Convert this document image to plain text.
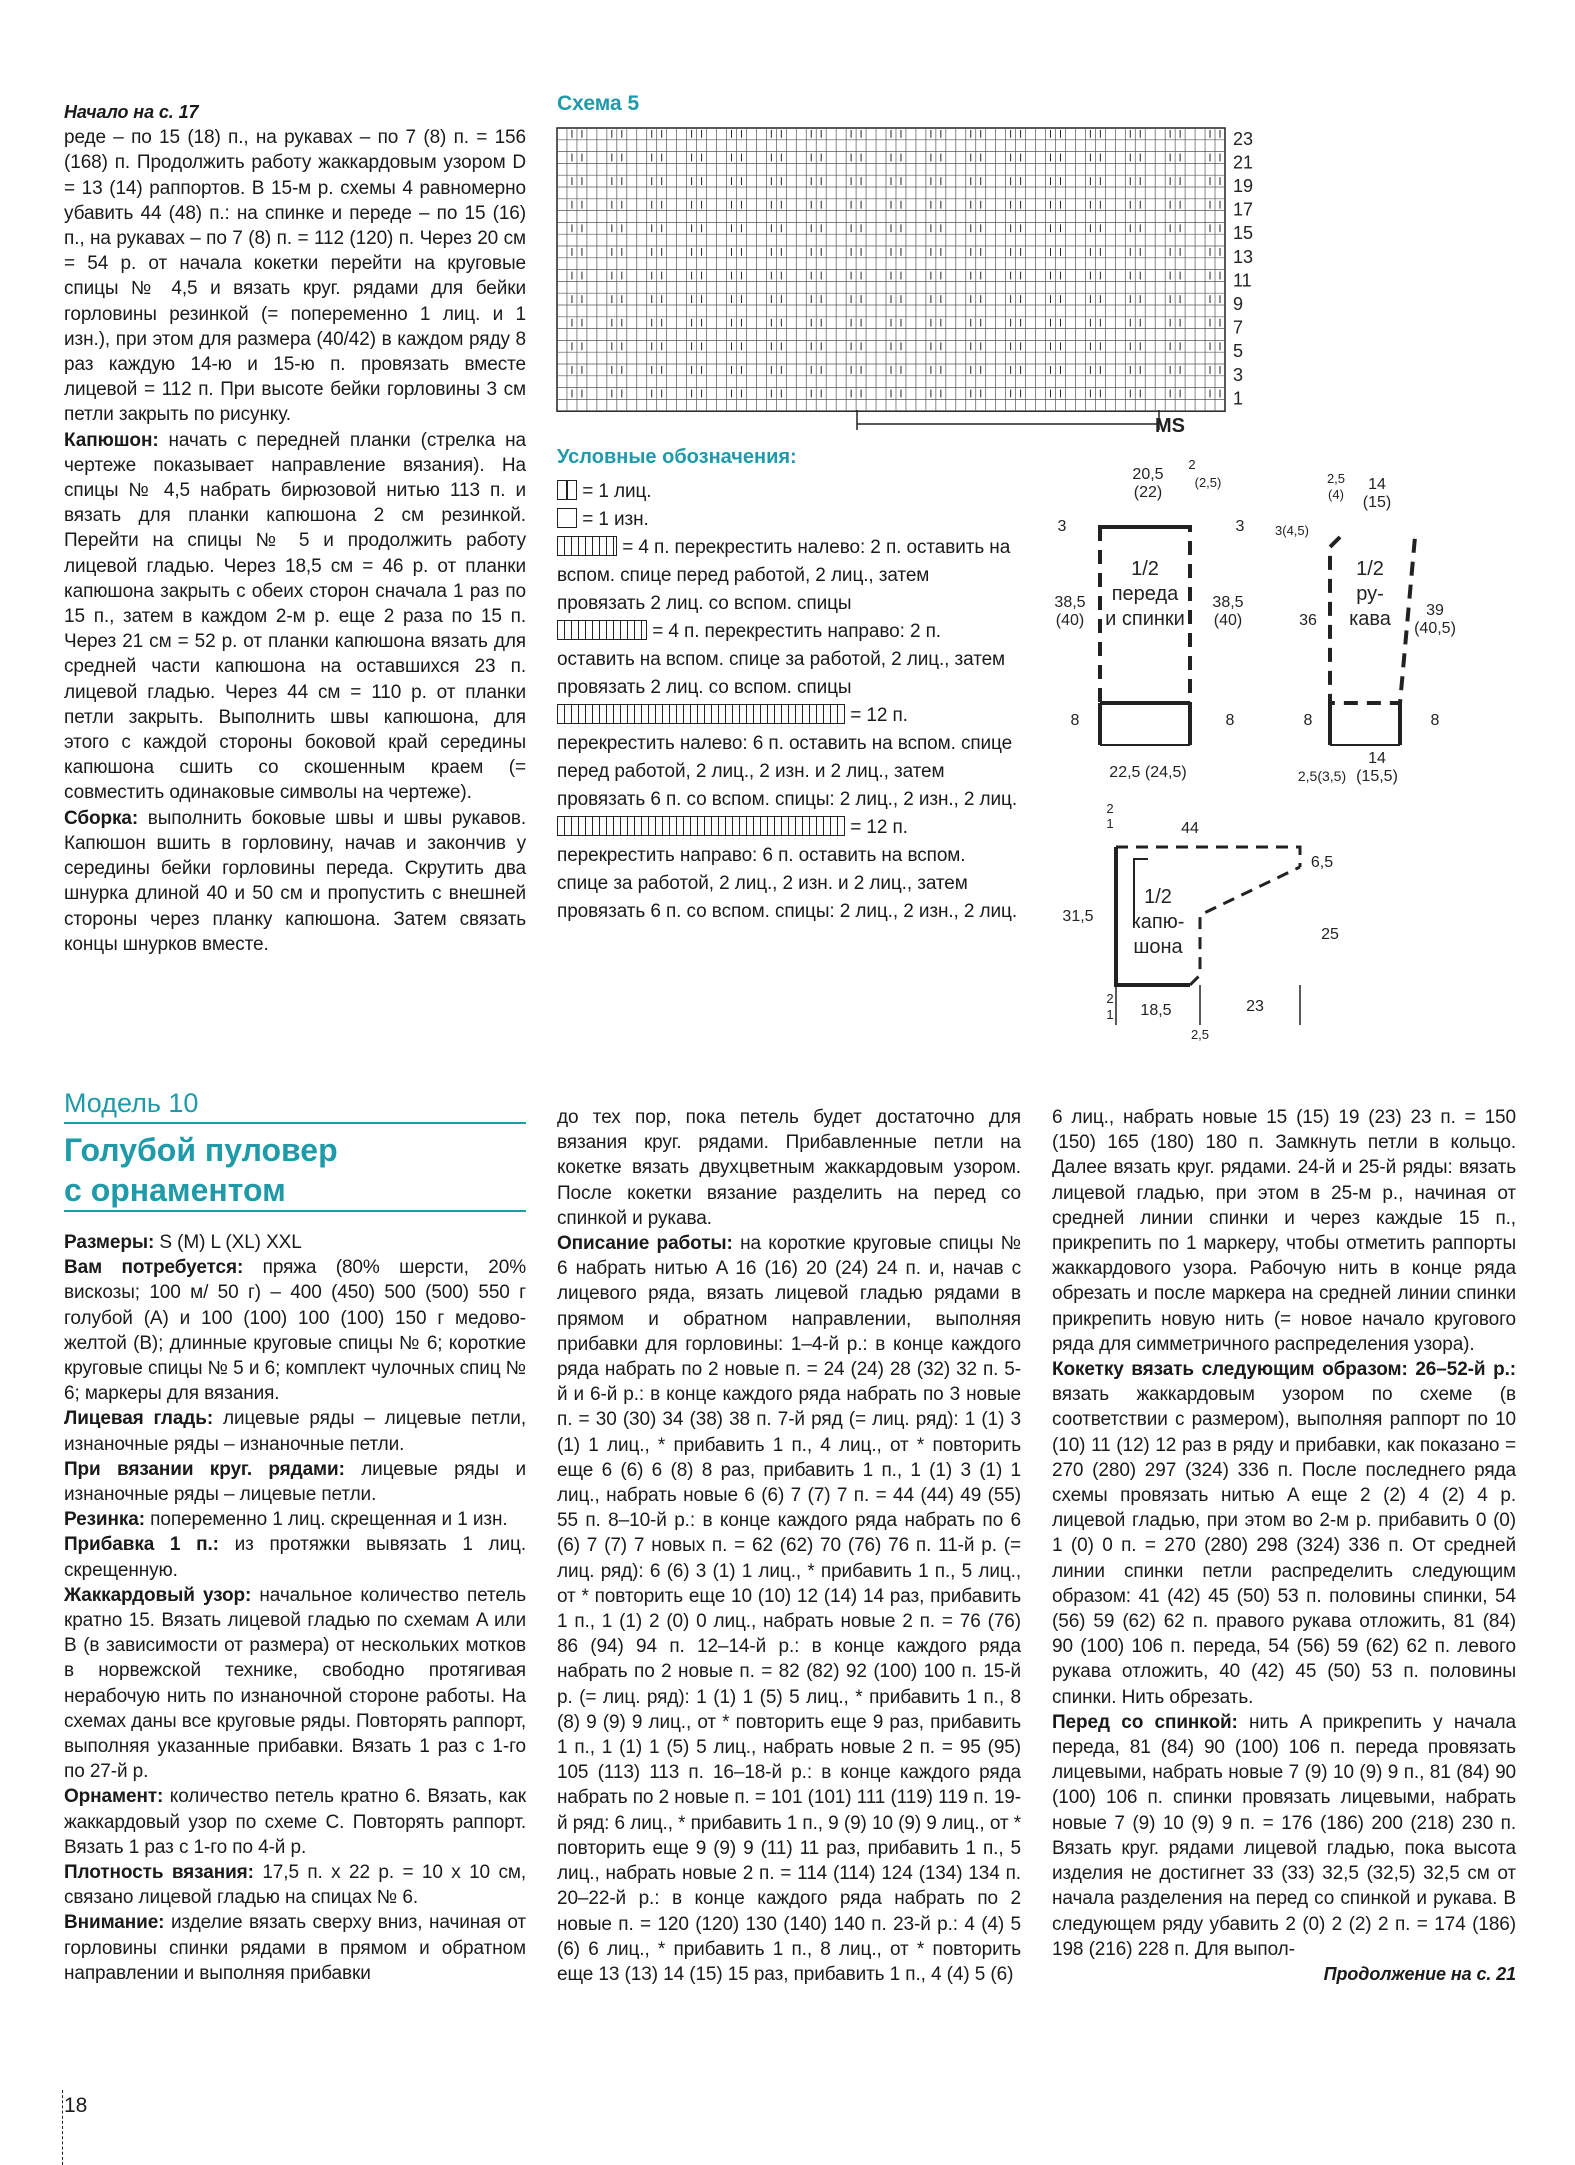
Начало на с. 17

реде – по 15 (18) п., на рукавах – по 7 (8) п. = 156 (168) п. Продолжить работу жаккардовым узором D = 13 (14) раппортов. В 15-м р. схемы 4 равномерно убавить 44 (48) п.: на спинке и переде – по 15 (16) п., на рукавах – по 7 (8) п. = 112 (120) п. Через 20 см = 54 р. от начала кокетки перейти на круговые спицы № 4,5 и вязать круг. рядами для бейки горловины резинкой (= попеременно 1 лиц. и 1 изн.), при этом для размера (40/42) в каждом ряду 8 раз каждую 14-ю и 15-ю п. провязать вместе лицевой = 112 п. При высоте бейки горловины 3 см петли закрыть по рисунку.

Капюшон: начать с передней планки (стрелка на чертеже показывает направление вязания). На спицы № 4,5 набрать бирюзовой нитью 113 п. и вязать для планки капюшона 2 см резинкой. Перейти на спицы № 5 и продолжить работу лицевой гладью. Через 18,5 см = 46 р. от планки капюшона закрыть с обеих сторон сначала 1 раз по 15 п., затем в каждом 2-м р. еще 2 раза по 15 п. Через 21 см = 52 р. от планки капюшона вязать для средней части капюшона на оставшихся 23 п. лицевой гладью. Через 44 см = 110 р. от планки петли закрыть. Выполнить швы капюшона, для этого с каждой стороны боковой край середины капюшона сшить со скошенным краем (= совместить одинаковые символы на чертеже).

Сборка: выполнить боковые швы и швы рукавов. Капюшон вшить в горловину, начав и закончив у середины бейки горловины переда. Скрутить два шнурка длиной 40 и 50 см и пропустить с внешней стороны через планку капюшона. Затем связать концы шнурков вместе.

Схема 5
23
21
19
17
15
13
11
9
7
5
3
1
MS
Условные обозначения:

= 1 лиц.

= 1 изн.

= 4 п. перекрестить налево: 2 п. оставить на вспом. спице перед работой, 2 лиц., затем провязать 2 лиц. со вспом. спицы

= 4 п. перекрестить направо: 2 п. оставить на вспом. спице за работой, 2 лиц., затем провязать 2 лиц. со вспом. спицы

= 12 п. перекрестить налево: 6 п. оставить на вспом. спице перед работой, 2 лиц., 2 изн. и 2 лиц., затем провязать 6 п. со вспом. спицы: 2 лиц., 2 изн., 2 лиц.

= 12 п. перекрестить направо: 6 п. оставить на вспом. спице за работой, 2 лиц., 2 изн. и 2 лиц., затем провязать 6 п. со вспом. спицы: 2 лиц., 2 изн., 2 лиц.

1/2
переда
и спинки
1/2
ру-
кава
1/2
капю-
шона
20,5
(22)
2
(2,5)
3	3
38,5
(40)
38,5
(40)
8	8
22,5 (24,5)
2,5
(4)
14
(15)
3(4,5)
36
39
(40,5)
8	8
2,5(3,5)
14
(15,5)
2
1	44
6,5
31,5
25
2
1 18,5	23
2,5
Модель 10
Голубой пуловер
с орнаментом

Размеры: S (M) L (XL) XXL

Вам потребуется: пряжа (80% шерсти, 20% вискозы; 100 м/ 50 г) – 400 (450) 500 (500) 550 г голубой (A) и 100 (100) 100 (100) 150 г медово-желтой (B); длинные круговые спицы № 6; короткие круговые спицы № 5 и 6; комплект чулочных спиц № 6; маркеры для вязания.

Лицевая гладь: лицевые ряды – лицевые петли, изнаночные ряды – изнаночные петли.

При вязании круг. рядами: лицевые ряды и изнаночные ряды – лицевые петли.

Резинка: попеременно 1 лиц. скрещенная и 1 изн.

Прибавка 1 п.: из протяжки вывязать 1 лиц. скрещенную.

Жаккардовый узор: начальное количество петель кратно 15. Вязать лицевой гладью по схемам A или B (в зависимости от размера) от нескольких мотков в норвежской технике, свободно протягивая нерабочую нить по изнаночной стороне работы. На схемах даны все круговые ряды. Повторять раппорт, выполняя указанные прибавки. Вязать 1 раз с 1-го по 27-й р.

Орнамент: количество петель кратно 6. Вязать, как жаккардовый узор по схеме C. Повторять раппорт. Вязать 1 раз с 1-го по 4-й р.

Плотность вязания: 17,5 п. х 22 р. = 10 х 10 см, связано лицевой гладью на спицах № 6.

Внимание: изделие вязать сверху вниз, начиная от горловины спинки рядами в прямом и обратном направлении и выполняя прибавки

до тех пор, пока петель будет достаточно для вязания круг. рядами. Прибавленные петли на кокетке вязать двухцветным жаккардовым узором. После кокетки вязание разделить на перед со спинкой и рукава.

Описание работы: на короткие круговые спицы № 6 набрать нитью A 16 (16) 20 (24) 24 п. и, начав с лицевого ряда, вязать лицевой гладью рядами в прямом и обратном направлении, выполняя прибавки для горловины: 1–4-й р.: в конце каждого ряда набрать по 2 новые п. = 24 (24) 28 (32) 32 п. 5-й и 6-й р.: в конце каждого ряда набрать по 3 новые п. = 30 (30) 34 (38) 38 п. 7-й ряд (= лиц. ряд): 1 (1) 3 (1) 1 лиц., * прибавить 1 п., 4 лиц., от * повторить еще 6 (6) 6 (8) 8 раз, прибавить 1 п., 1 (1) 3 (1) 1 лиц., набрать новые 6 (6) 7 (7) 7 п. = 44 (44) 49 (55) 55 п. 8–10-й р.: в конце каждого ряда набрать по 6 (6) 7 (7) 7 новых п. = 62 (62) 70 (76) 76 п. 11-й р. (= лиц. ряд): 6 (6) 3 (1) 1 лиц., * прибавить 1 п., 5 лиц., от * повторить еще 10 (10) 12 (14) 14 раз, прибавить 1 п., 1 (1) 2 (0) 0 лиц., набрать новые 2 п. = 76 (76) 86 (94) 94 п. 12–14-й р.: в конце каждого ряда набрать по 2 новые п. = 82 (82) 92 (100) 100 п. 15-й р. (= лиц. ряд): 1 (1) 1 (5) 5 лиц., * прибавить 1 п., 8 (8) 9 (9) 9 лиц., от * повторить еще 9 раз, прибавить 1 п., 1 (1) 1 (5) 5 лиц., набрать новые 2 п. = 95 (95) 105 (113) 113 п. 16–18-й р.: в конце каждого ряда набрать по 2 новые п. = 101 (101) 111 (119) 119 п. 19-й ряд: 6 лиц., * прибавить 1 п., 9 (9) 10 (9) 9 лиц., от * повторить еще 9 (9) 9 (11) 11 раз, прибавить 1 п., 5 лиц., набрать новые 2 п. = 114 (114) 124 (134) 134 п. 20–22-й р.: в конце каждого ряда набрать по 2 новые п. = 120 (120) 130 (140) 140 п. 23-й р.: 4 (4) 5 (6) 6 лиц., * прибавить 1 п., 8 лиц., от * повторить еще 13 (13) 14 (15) 15 раз, прибавить 1 п., 4 (4) 5 (6)

6 лиц., набрать новые 15 (15) 19 (23) 23 п. = 150 (150) 165 (180) 180 п. Замкнуть петли в кольцо. Далее вязать круг. рядами. 24-й и 25-й ряды: вязать лицевой гладью, при этом в 25-м р., начиная от средней линии спинки и через каждые 15 п., прикрепить по 1 маркеру, чтобы отметить раппорты жаккардового узора. Рабочую нить в конце ряда обрезать и после маркера на средней линии спинки прикрепить новую нить (= новое начало кругового ряда для симметричного распределения узора).

Кокетку вязать следующим образом: 26–52-й р.: вязать жаккардовым узором по схеме (в соответствии с размером), выполняя раппорт по 10 (10) 11 (12) 12 раз в ряду и прибавки, как показано = 270 (280) 297 (324) 336 п. После последнего ряда схемы провязать нитью A еще 2 (2) 4 (2) 4 р. лицевой гладью, при этом во 2-м р. прибавить 0 (0) 1 (0) 0 п. = 270 (280) 298 (324) 336 п. От средней линии спинки петли распределить следующим образом: 41 (42) 45 (50) 53 п. половины спинки, 54 (56) 59 (62) 62 п. правого рукава отложить, 81 (84) 90 (100) 106 п. переда, 54 (56) 59 (62) 62 п. левого рукава отложить, 40 (42) 45 (50) 53 п. половины спинки. Нить обрезать.

Перед со спинкой: нить A прикрепить у начала переда, 81 (84) 90 (100) 106 п. переда провязать лицевыми, набрать новые 7 (9) 10 (9) 9 п., 81 (84) 90 (100) 106 п. спинки провязать лицевыми, набрать новые 7 (9) 10 (9) 9 п. = 176 (186) 200 (218) 230 п. Вязать круг. рядами лицевой гладью, пока высота изделия не достигнет 33 (33) 32,5 (32,5) 32,5 см от начала разделения на перед со спинкой и рукава. В следующем ряду убавить 2 (0) 2 (2) 2 п. = 174 (186) 198 (216) 228 п. Для выпол-

Продолжение на с. 21

18
